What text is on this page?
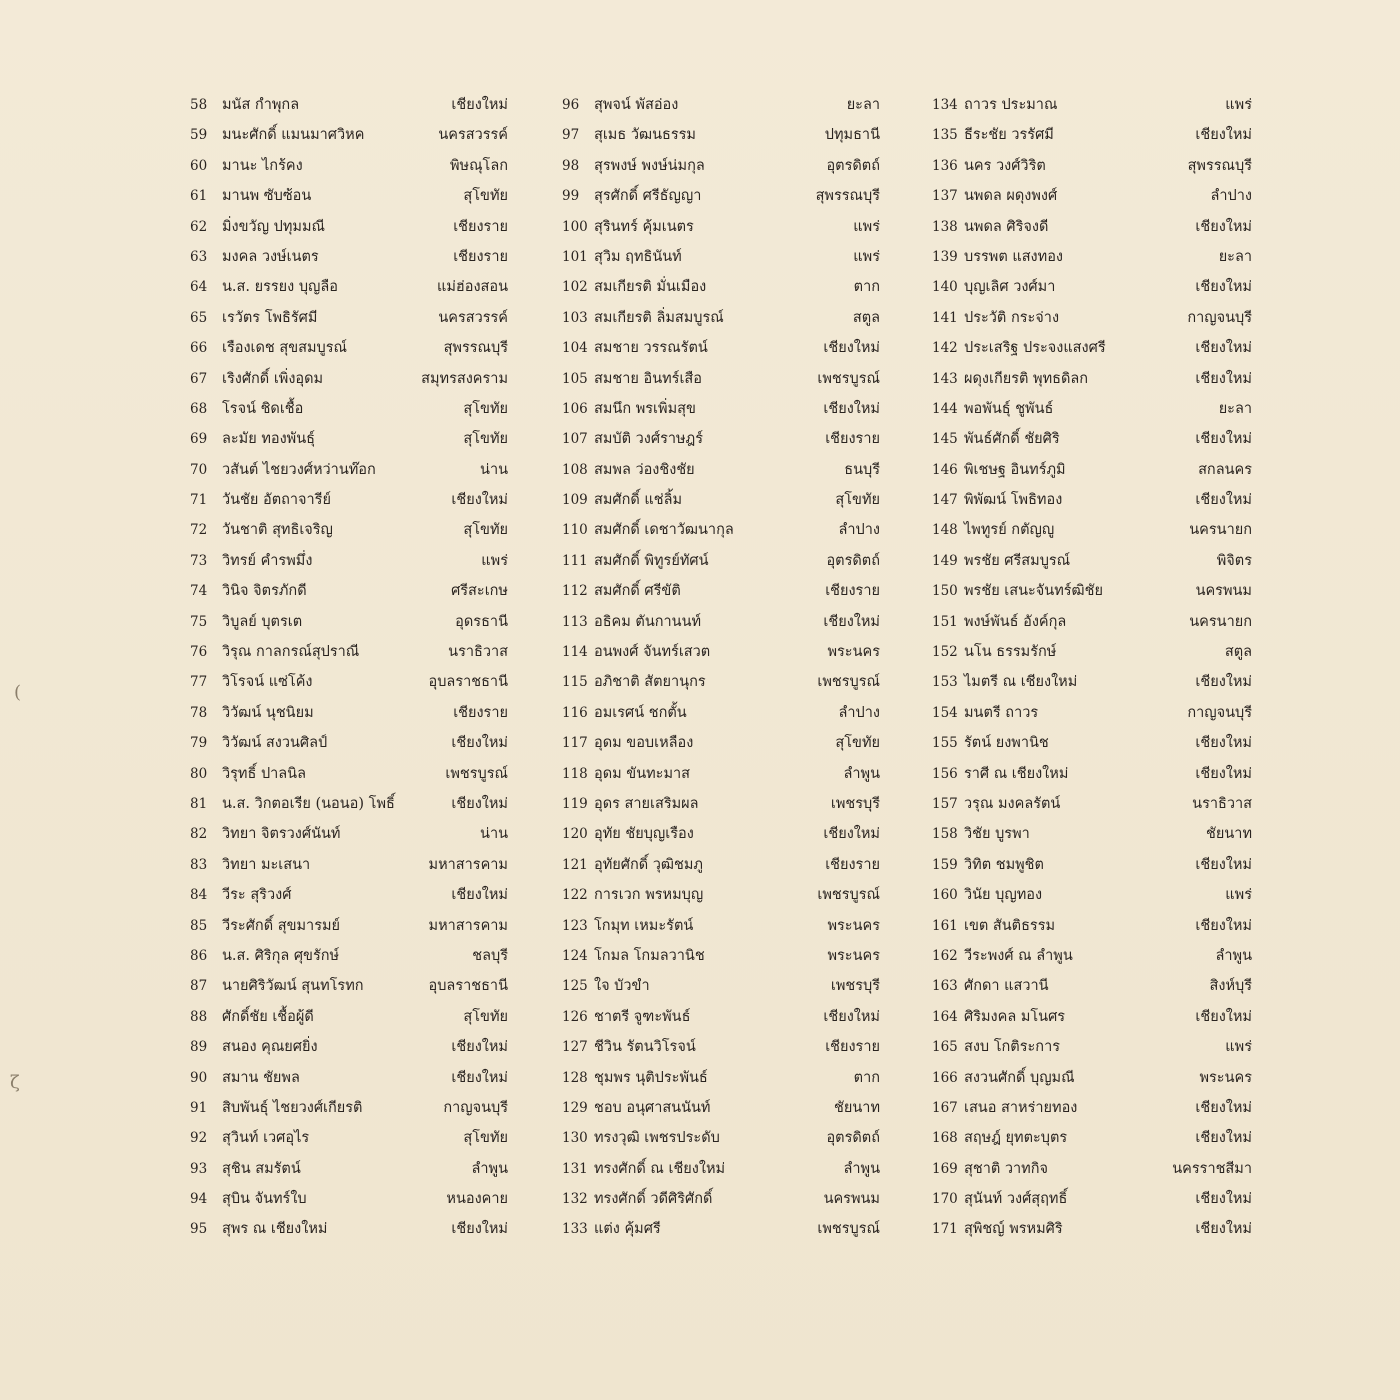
(
ζ
58	มนัส กำพุกล	เชียงใหม่
59	มนะศักดิ์ แมนมาศวิหค	นครสวรรค์
60	มานะ ไกร้คง	พิษณุโลก
61	มานพ ซับซ้อน	สุโขทัย
62	มิ่งขวัญ ปทุมมณี	เชียงราย
63	มงคล วงษ์เนตร	เชียงราย
64	น.ส. ยรรยง บุญลือ	แม่ฮ่องสอน
65	เรวัตร โพธิรัศมี	นครสวรรค์
66	เรืองเดช สุขสมบูรณ์	สุพรรณบุรี
67	เริงศักดิ์ เพิ่งอุดม	สมุทรสงคราม
68	โรจน์ ชิดเชื้อ	สุโขทัย
69	ละมัย ทองพันธุ์	สุโขทัย
70	วสันต์ ไชยวงศ์หว่านท๊อก	น่าน
71	วันชัย อัตถาจารีย์	เชียงใหม่
72	วันชาติ สุทธิเจริญ	สุโขทัย
73	วิทรย์ คำรพมึ่ง	แพร่
74	วินิจ จิตรภักดี	ศรีสะเกษ
75	วิบูลย์ บุตรเต	อุดรธานี
76	วิรุณ กาลกรณ์สุปราณี	นราธิวาส
77	วิโรจน์ แซ่โค้ง	อุบลราชธานี
78	วิวัฒน์ นุชนิยม	เชียงราย
79	วิวัฒน์ สงวนศิลป์	เชียงใหม่
80	วิรุทธิ์ ปาลนิล	เพชรบูรณ์
81	น.ส. วิกตอเรีย (นอนอ) โพธิ์	เชียงใหม่
82	วิทยา จิตรวงศ์นันท์	น่าน
83	วิทยา มะเสนา	มหาสารคาม
84	วีระ สุริวงศ์	เชียงใหม่
85	วีระศักดิ์ สุขมารมย์	มหาสารคาม
86	น.ส. ศิริกุล ศุขรักษ์	ชลบุรี
87	นายศิริวัฒน์ สุนทโรทก	อุบลราชธานี
88	ศักดิ์ชัย เชื้อผู้ดี	สุโขทัย
89	สนอง คุณยศยิ่ง	เชียงใหม่
90	สมาน ชัยพล	เชียงใหม่
91	สิบพันธุ์ ไชยวงศ์เกียรติ	กาญจนบุรี
92	สุวินท์ เวศอุไร	สุโขทัย
93	สุชิน สมรัตน์	ลำพูน
94	สุบิน จันทร์ใบ	หนองคาย
95	สุพร ณ เชียงใหม่	เชียงใหม่
96	สุพจน์ พัสอ่อง	ยะลา
97	สุเมธ วัฒนธรรม	ปทุมธานี
98	สุรพงษ์ พงษ์น่มกุล	อุตรดิตถ์
99	สุรศักดิ์ ศรีธัญญา	สุพรรณบุรี
100 สุรินทร์ คุ้มเนตร	แพร่
101 สุวิม ฤทธินันท์	แพร่
102 สมเกียรติ มั่นเมือง	ตาก
103 สมเกียรติ ลิ่มสมบูรณ์	สตูล
104 สมชาย วรรณรัตน์	เชียงใหม่
105 สมชาย อินทร์เสือ	เพชรบูรณ์
106 สมนึก พรเพิ่มสุข	เชียงใหม่
107 สมบัติ วงศ์ราษฎร์	เชียงราย
108 สมพล ว่องชิงชัย	ธนบุรี
109 สมศักดิ์ แช่ลิ้ม	สุโขทัย
110 สมศักดิ์ เดชาวัฒนากุล	ลำปาง
111 สมศักดิ์ พิทูรย์ทัศน์	อุตรดิตถ์
112 สมศักดิ์ ศรีขัติ	เชียงราย
113 อธิคม ตันกานนท์	เชียงใหม่
114 อนพงศ์ จันทร์เสวต	พระนคร
115 อภิชาติ สัตยานุกร	เพชรบูรณ์
116 อมเรศน์ ชกตั้น	ลำปาง
117 อุดม ขอบเหลือง	สุโขทัย
118 อุดม ขันทะมาส	ลำพูน
119 อุดร สายเสริมผล	เพชรบุรี
120 อุทัย ชัยบุญเรือง	เชียงใหม่
121 อุทัยศักดิ์ วุฒิชมภู	เชียงราย
122 การเวก พรหมบุญ	เพชรบูรณ์
123 โกมุท เหมะรัตน์	พระนคร
124 โกมล โกมลวานิช	พระนคร
125 ใจ บัวขำ	เพชรบุรี
126 ชาตรี จูฑะพันธ์	เชียงใหม่
127 ชีวิน รัตนวิโรจน์	เชียงราย
128 ชุมพร นุติประพันธ์	ตาก
129 ชอบ อนุศาสนนันท์	ชัยนาท
130 ทรงวุฒิ เพชรประดับ	อุตรดิตถ์
131 ทรงศักดิ์ ณ เชียงใหม่	ลำพูน
132 ทรงศักดิ์ วดีศิริศักดิ์	นครพนม
133 แต่ง คุ้มศรี	เพชรบูรณ์
134 ถาวร ประมาณ	แพร่
135 ธีระชัย วรรัศมี	เชียงใหม่
136 นคร วงศ์วิริต	สุพรรณบุรี
137 นพดล ผดุงพงศ์	ลำปาง
138 นพดล ศิริจงดี	เชียงใหม่
139 บรรพต แสงทอง	ยะลา
140 บุญเลิศ วงศ์มา	เชียงใหม่
141 ประวัติ กระจ่าง	กาญจนบุรี
142 ประเสริฐ ประจงแสงศรี	เชียงใหม่
143 ผดุงเกียรติ พุทธดิลก	เชียงใหม่
144 พอพันธุ์ ชูพันธ์	ยะลา
145 พันธ์ศักดิ์ ชัยศิริ	เชียงใหม่
146 พิเชษฐ อินทร์ภูมิ	สกลนคร
147 พิพัฒน์ โพธิทอง	เชียงใหม่
148 ไพทูรย์ กตัญญู	นครนายก
149 พรชัย ศรีสมบูรณ์	พิจิตร
150 พรชัย เสนะจันทร์ฒิชัย	นครพนม
151 พงษ์พันธ์ อังค์กุล	นครนายก
152 นโน ธรรมรักษ์	สตูล
153 ไมตรี ณ เชียงใหม่	เชียงใหม่
154 มนตรี ถาวร	กาญจนบุรี
155 รัตน์ ยงพานิช	เชียงใหม่
156 ราศี ณ เชียงใหม่	เชียงใหม่
157 วรุณ มงคลรัตน์	นราธิวาส
158 วิชัย บูรพา	ชัยนาท
159 วิทิต ชมพูชิต	เชียงใหม่
160 วินัย บุญทอง	แพร่
161 เขต สันติธรรม	เชียงใหม่
162 วีระพงศ์ ณ ลำพูน	ลำพูน
163 ศักดา แสวานี	สิงห์บุรี
164 ศิริมงคล มโนศร	เชียงใหม่
165 สงบ โกติระการ	แพร่
166 สงวนศักดิ์ บุญมณี	พระนคร
167 เสนอ สาหร่ายทอง	เชียงใหม่
168 สฤษฎ์ ยุทตะบุตร	เชียงใหม่
169 สุชาติ วาทกิจ	นครราชสีมา
170 สุนันท์ วงศ์สุฤทธิ์	เชียงใหม่
171 สุพิชญ์ พรหมศิริ	เชียงใหม่
